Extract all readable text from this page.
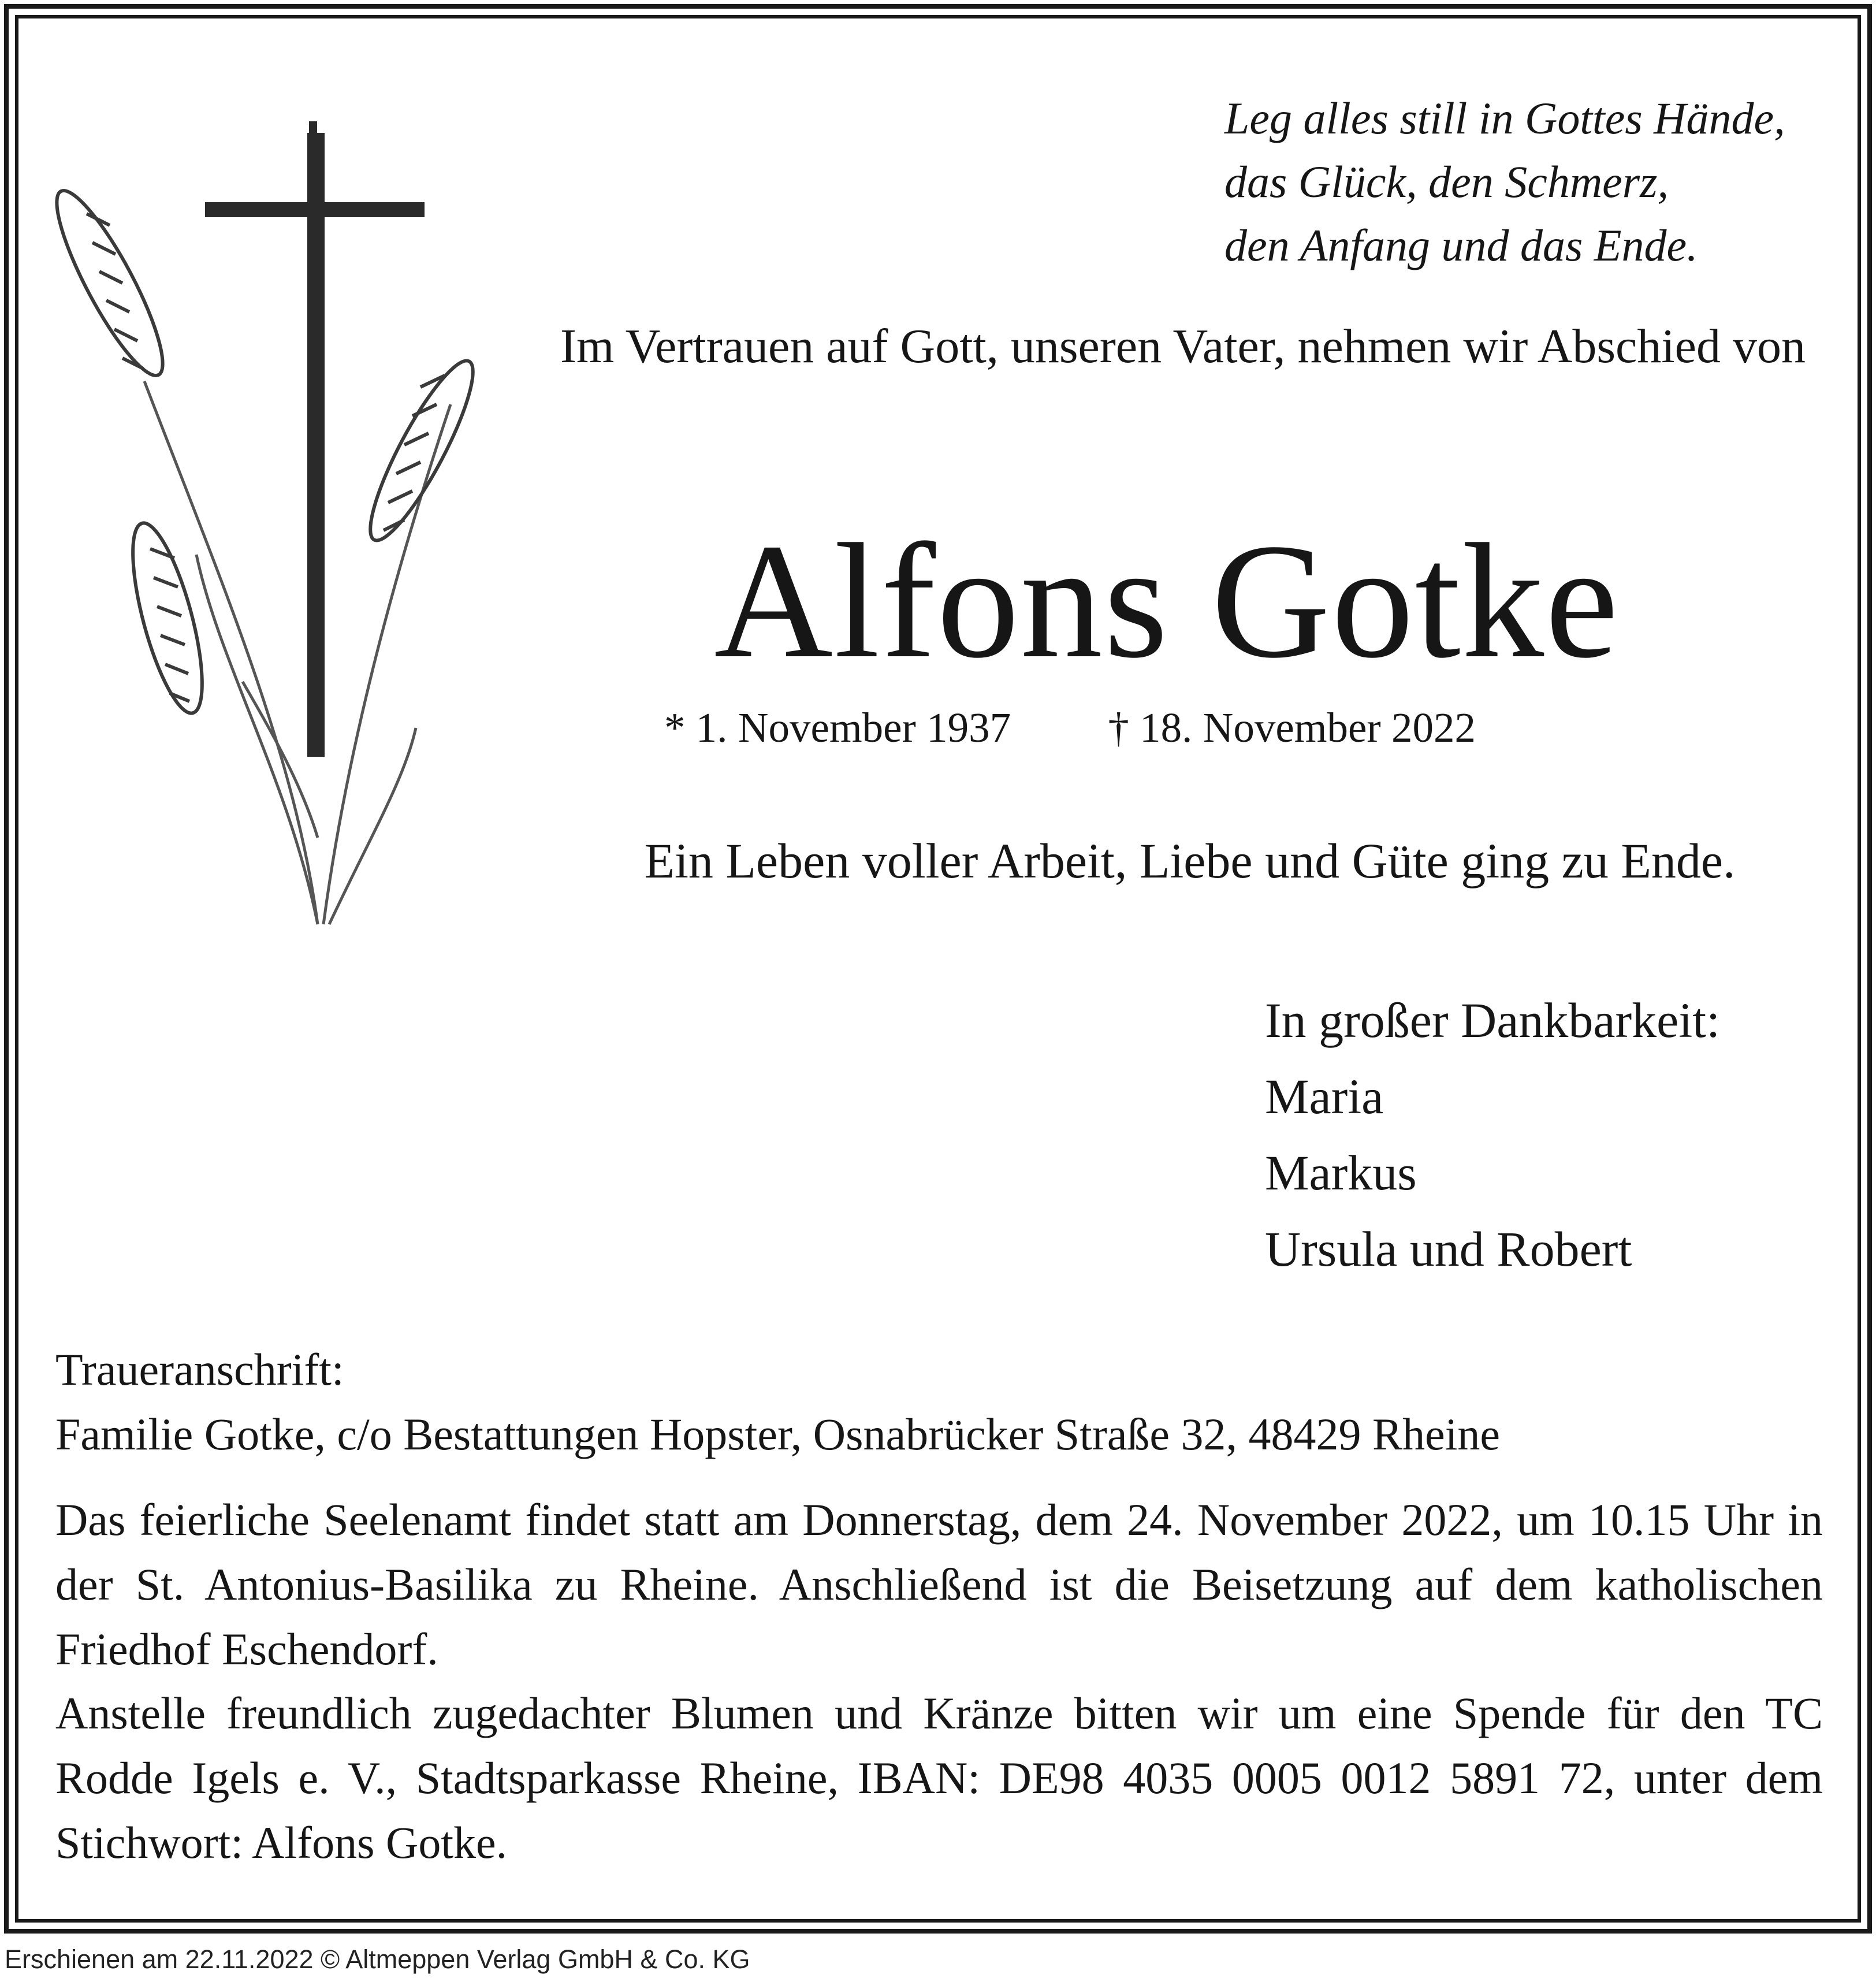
Leg alles still in Gottes Hände,
das Glück, den Schmerz,
den Anfang und das Ende.

Im Vertrauen auf Gott, unseren Vater, nehmen wir Abschied von

Alfons Gotke
* 1. November 1937 † 18. November 2022
Ein Leben voller Arbeit, Liebe und Güte ging zu Ende.
In großer Dankbarkeit:
Maria
Markus
Ursula und Robert
Traueranschrift:
Familie Gotke, c/o Bestattungen Hopster, Osnabrücker Straße 32, 48429 Rheine

Das feierliche Seelenamt findet statt am Donnerstag, dem 24. November 2022, um 10.15 Uhr in der St. Antonius-Basilika zu Rheine. Anschließend ist die Beisetzung auf dem katholischen Friedhof Eschendorf.

Anstelle freundlich zugedachter Blumen und Kränze bitten wir um eine Spende für den TC Rodde Igels e. V., Stadtsparkasse Rheine, IBAN: DE98 4035 0005 0012 5891 72, unter dem Stichwort: Alfons Gotke.

Erschienen am 22.11.2022 © Altmeppen Verlag GmbH & Co. KG
